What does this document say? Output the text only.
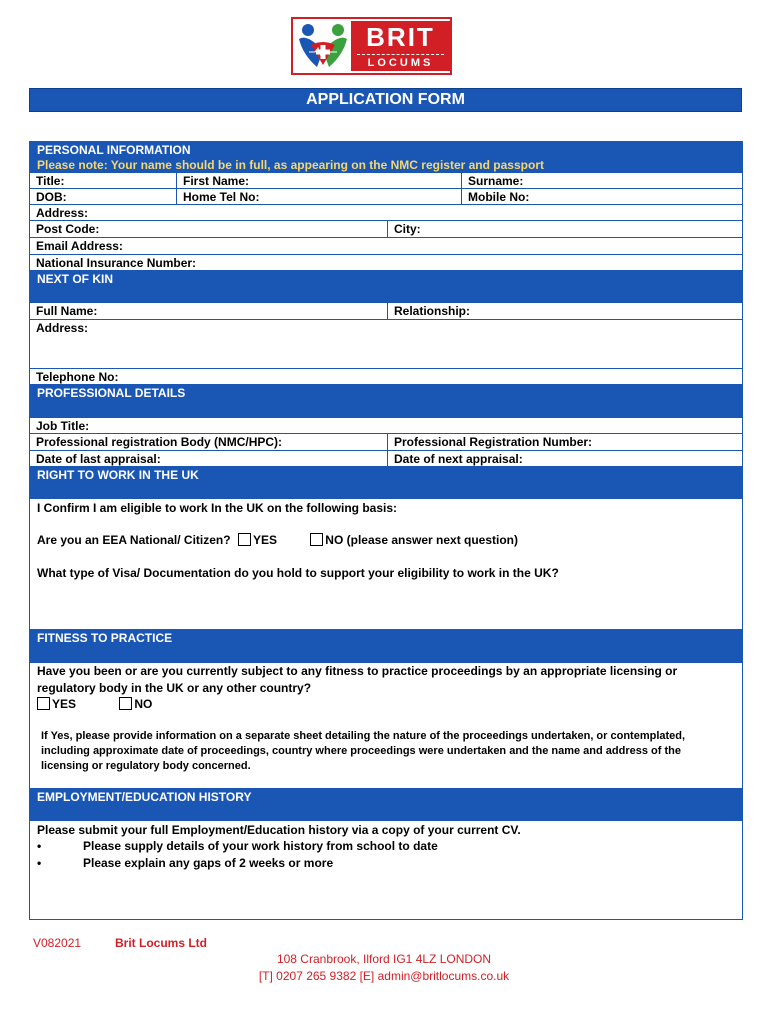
BRIT
LOCUMS
APPLICATION FORM
PERSONAL INFORMATION
Please note: Your name should be in full, as appearing on the NMC register and passport
Title:	First Name:	Surname:
DOB:	Home Tel No:	Mobile No:
Address:
Post Code:	City:
Email Address:
National Insurance Number:
NEXT OF KIN
Full Name:	Relationship:
Address:
Telephone No:
PROFESSIONAL DETAILS
Job Title:
Professional registration Body (NMC/HPC):	Professional Registration Number:
Date of last appraisal:	Date of next appraisal:
RIGHT TO WORK IN THE UK
I Confirm I am eligible to work In the UK on the following basis:
Are you an EEA National/ Citizen? YES	NO (please answer next question)
What type of Visa/ Documentation do you hold to support your eligibility to work in the UK?
FITNESS TO PRACTICE
Have you been or are you currently subject to any fitness to practice proceedings by an appropriate licensing or
regulatory body in the UK or any other country?
YES	NO
If Yes, please provide information on a separate sheet detailing the nature of the proceedings undertaken, or contemplated,
including approximate date of proceedings, country where proceedings were undertaken and the name and address of the
licensing or regulatory body concerned.
EMPLOYMENT/EDUCATION HISTORY
Please submit your full Employment/Education history via a copy of your current CV.
•	Please supply details of your work history from school to date
•	Please explain any gaps of 2 weeks or more
V082021	Brit Locums Ltd
108 Cranbrook, Ilford IG1 4LZ LONDON
[T] 0207 265 9382 [E] admin@britlocums.co.uk
